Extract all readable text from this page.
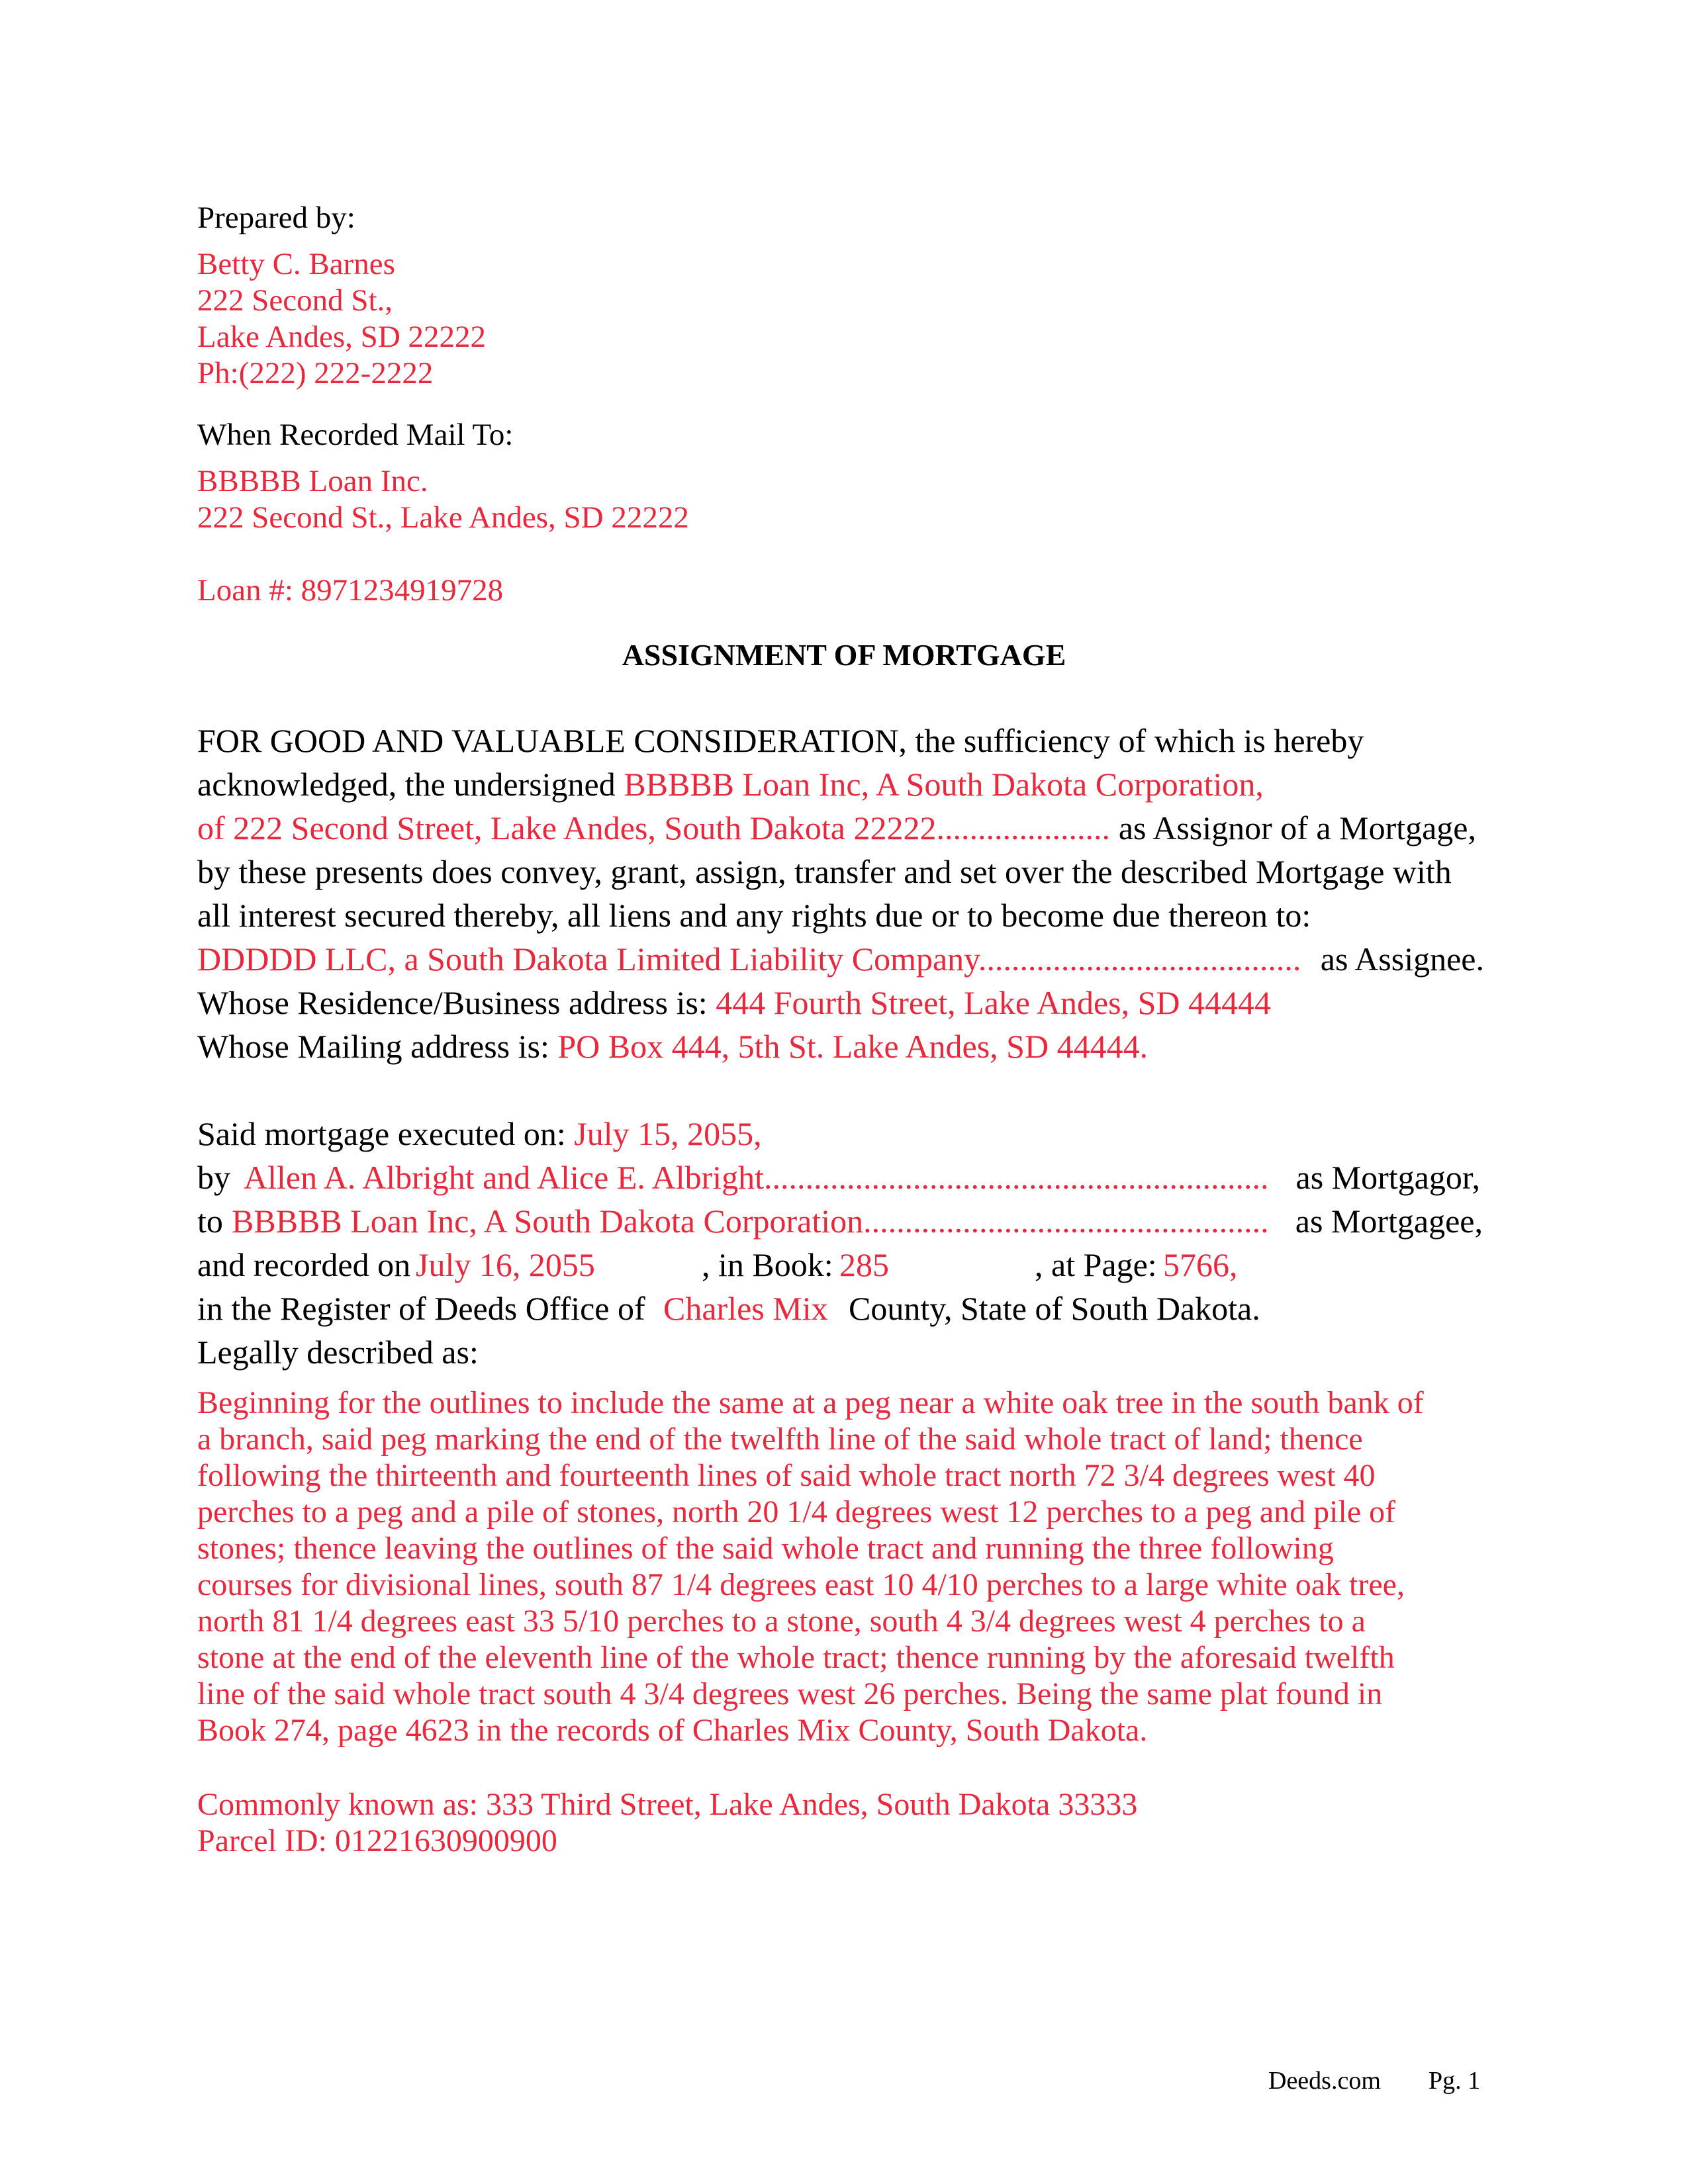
Prepared by:
Betty C. Barnes
222 Second St.,
Lake Andes, SD 22222
Ph:(222) 222-2222
When Recorded Mail To:
BBBBB Loan Inc.
222 Second St., Lake Andes, SD 22222
Loan #: 8971234919728
ASSIGNMENT OF MORTGAGE
FOR GOOD AND VALUABLE CONSIDERATION, the sufficiency of which is hereby
acknowledged, the undersigned BBBBB Loan Inc, A South Dakota Corporation,
of 222 Second Street, Lake Andes, South Dakota 22222..................... as Assignor of a Mortgage,
by these presents does convey, grant, assign, transfer and set over the described Mortgage with
all interest secured thereby, all liens and any rights due or to become due thereon to:
DDDDD LLC, a South Dakota Limited Liability Company....................................... as Assignee.
Whose Residence/Business address is: 444 Fourth Street, Lake Andes, SD 44444
Whose Mailing address is: PO Box 444, 5th St. Lake Andes, SD 44444.
Said mortgage executed on: July 15, 2055,
by Allen A. Albright and Alice E. Albright............................................................. as Mortgagor,
to BBBBB Loan Inc, A South Dakota Corporation................................................. as Mortgagee,
and recorded on July 16, 2055	, in Book: 285	, at Page: 5766,
in the Register of Deeds Office of Charles Mix County, State of South Dakota.
Legally described as:
Beginning for the outlines to include the same at a peg near a white oak tree in the south bank of
a branch, said peg marking the end of the twelfth line of the said whole tract of land; thence
following the thirteenth and fourteenth lines of said whole tract north 72 3/4 degrees west 40
perches to a peg and a pile of stones, north 20 1/4 degrees west 12 perches to a peg and pile of
stones; thence leaving the outlines of the said whole tract and running the three following
courses for divisional lines, south 87 1/4 degrees east 10 4/10 perches to a large white oak tree,
north 81 1/4 degrees east 33 5/10 perches to a stone, south 4 3/4 degrees west 4 perches to a
stone at the end of the eleventh line of the whole tract; thence running by the aforesaid twelfth
line of the said whole tract south 4 3/4 degrees west 26 perches. Being the same plat found in
Book 274, page 4623 in the records of Charles Mix County, South Dakota.
Commonly known as: 333 Third Street, Lake Andes, South Dakota 33333
Parcel ID: 01221630900900
Deeds.com Pg. 1
